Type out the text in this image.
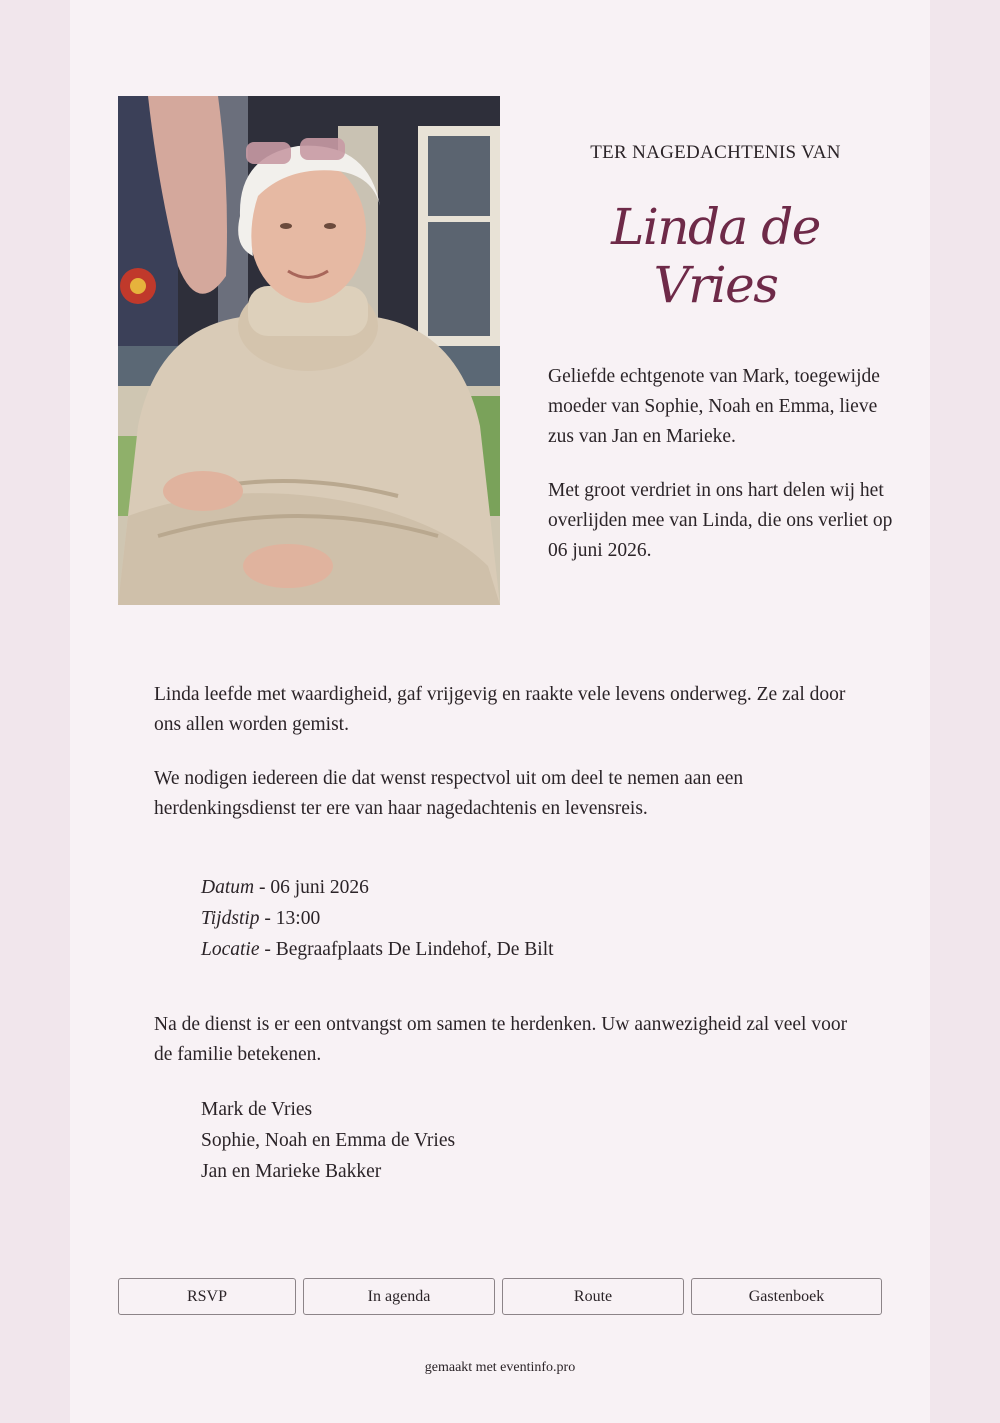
TER NAGEDACHTENIS VAN
Linda de Vries

Geliefde echtgenote van Mark, toegewijde moeder van Sophie, Noah en Emma, lieve zus van Jan en Marieke.

Met groot verdriet in ons hart delen wij het overlijden mee van Linda, die ons verliet op 06 juni 2026.

Linda leefde met waardigheid, gaf vrijgevig en raakte vele levens onderweg. Ze zal door ons allen worden gemist.

We nodigen iedereen die dat wenst respectvol uit om deel te nemen aan een herdenkingsdienst ter ere van haar nagedachtenis en levensreis.

Datum - 06 juni 2026
Tijdstip - 13:00
Locatie - Begraafplaats De Lindehof, De Bilt
Na de dienst is er een ontvangst om samen te herdenken. Uw aanwezigheid zal veel voor de familie betekenen.
Mark de Vries
Sophie, Noah en Emma de Vries
Jan en Marieke Bakker
RSVP	In agenda	Route	Gastenboek
gemaakt met eventinfo.pro
